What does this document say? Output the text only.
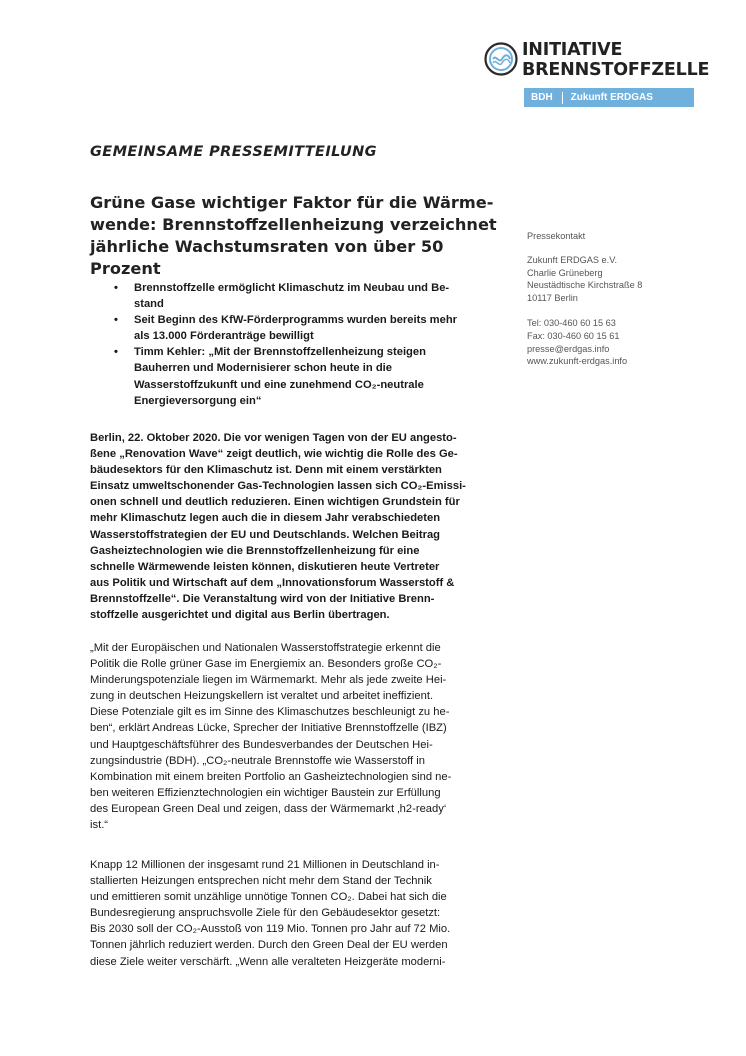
INITIATIVE
BRENNSTOFFZELLE
BDH Zukunft ERDGAS
GEMEINSAME PRESSEMITTEILUNG
Grüne Gase wichtiger Faktor für die Wärme-
wende: Brennstoffzellenheizung verzeichnet
jährliche Wachstumsraten von über 50 Prozent
• Brennstoffzelle ermöglicht Klimaschutz im Neubau und Be-
stand
• Seit Beginn des KfW-Förderprogramms wurden bereits mehr
als 13.000 Förderanträge bewilligt
• Timm Kehler: „Mit der Brennstoffzellenheizung steigen
Bauherren und Modernisierer schon heute in die
Wasserstoffzukunft und eine zunehmend CO₂-neutrale
Energieversorgung ein“

Berlin, 22. Oktober 2020. Die vor wenigen Tagen von der EU angesto-
ßene „Renovation Wave“ zeigt deutlich, wie wichtig die Rolle des Ge-
bäudesektors für den Klimaschutz ist. Denn mit einem verstärkten
Einsatz umweltschonender Gas-Technologien lassen sich CO₂-Emissi-
onen schnell und deutlich reduzieren. Einen wichtigen Grundstein für
mehr Klimaschutz legen auch die in diesem Jahr verabschiedeten
Wasserstoffstrategien der EU und Deutschlands. Welchen Beitrag
Gasheiztechnologien wie die Brennstoffzellenheizung für eine
schnelle Wärmewende leisten können, diskutieren heute Vertreter
aus Politik und Wirtschaft auf dem „Innovationsforum Wasserstoff &
Brennstoffzelle“. Die Veranstaltung wird von der Initiative Brenn-
stoffzelle ausgerichtet und digital aus Berlin übertragen.

„Mit der Europäischen und Nationalen Wasserstoffstrategie erkennt die
Politik die Rolle grüner Gase im Energiemix an. Besonders große CO₂-
Minderungspotenziale liegen im Wärmemarkt. Mehr als jede zweite Hei-
zung in deutschen Heizungskellern ist veraltet und arbeitet ineffizient.
Diese Potenziale gilt es im Sinne des Klimaschutzes beschleunigt zu he-
ben“, erklärt Andreas Lücke, Sprecher der Initiative Brennstoffzelle (IBZ)
und Hauptgeschäftsführer des Bundesverbandes der Deutschen Hei-
zungsindustrie (BDH). „CO₂-neutrale Brennstoffe wie Wasserstoff in
Kombination mit einem breiten Portfolio an Gasheiztechnologien sind ne-
ben weiteren Effizienztechnologien ein wichtiger Baustein zur Erfüllung
des European Green Deal und zeigen, dass der Wärmemarkt ‚h2-ready‘
ist.“

Knapp 12 Millionen der insgesamt rund 21 Millionen in Deutschland in-
stallierten Heizungen entsprechen nicht mehr dem Stand der Technik
und emittieren somit unzählige unnötige Tonnen CO₂. Dabei hat sich die
Bundesregierung anspruchsvolle Ziele für den Gebäudesektor gesetzt:
Bis 2030 soll der CO₂-Ausstoß von 119 Mio. Tonnen pro Jahr auf 72 Mio.
Tonnen jährlich reduziert werden. Durch den Green Deal der EU werden
diese Ziele weiter verschärft. „Wenn alle veralteten Heizgeräte moderni-

Pressekontakt
Zukunft ERDGAS e.V.
Charlie Grüneberg
Neustädtische Kirchstraße 8
10117 Berlin
Tel: 030-460 60 15 63
Fax: 030-460 60 15 61
presse@erdgas.info
www.zukunft-erdgas.info
